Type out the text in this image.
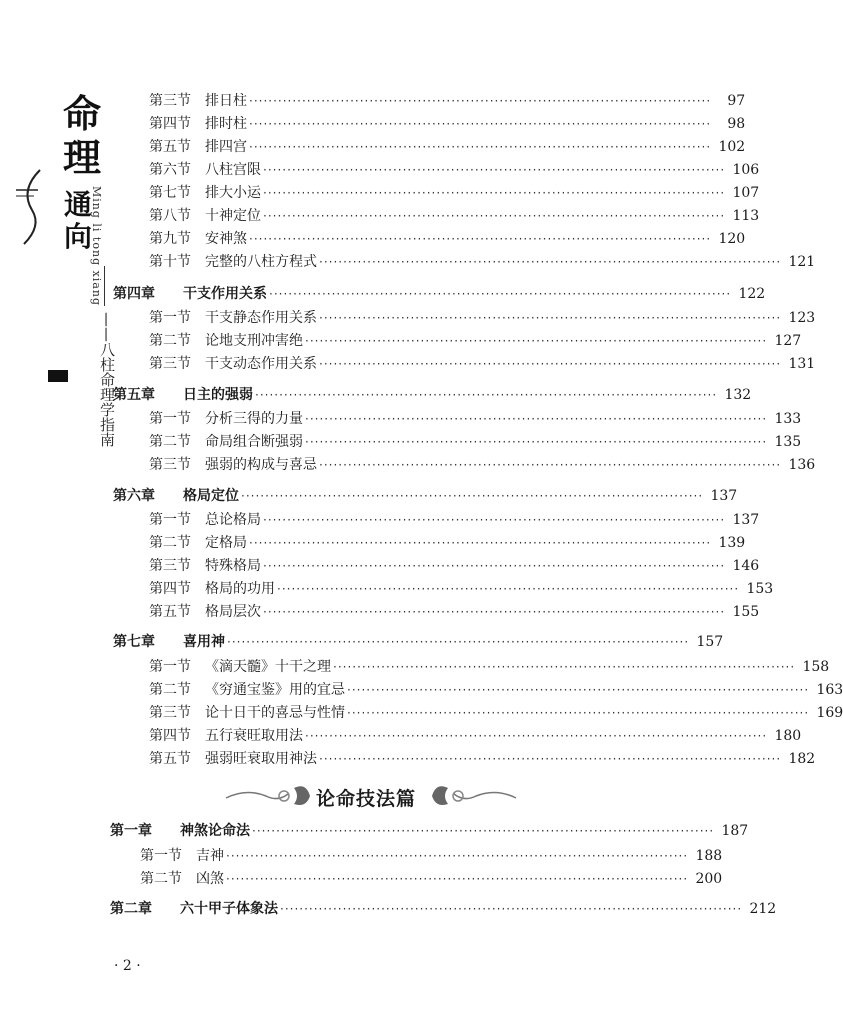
命
理
通
向
Ming li tong xiang
——八柱命理学指南
第三节 排日柱 ································································································	97
第四节 排时柱 ································································································	98
第五节 排四宫 ································································································ 102
第六节 八柱宫限 ································································································ 106
第七节 排大小运 ································································································ 107
第八节 十神定位 ································································································ 113
第九节 安神煞 ································································································ 120
第十节 完整的八柱方程式 ································································································ 121
第四章 干支作用关系 ································································································ 122
第一节 干支静态作用关系 ································································································ 123
第二节 论地支刑冲害绝 ································································································ 127
第三节 干支动态作用关系 ································································································ 131
第五章 日主的强弱 ································································································ 132
第一节 分析三得的力量 ································································································ 133
第二节 命局组合断强弱 ································································································ 135
第三节 强弱的构成与喜忌 ································································································ 136
第六章 格局定位 ································································································ 137
第一节 总论格局 ································································································ 137
第二节 定格局 ································································································ 139
第三节 特殊格局 ································································································ 146
第四节 格局的功用 ································································································ 153
第五节 格局层次 ································································································ 155
第七章 喜用神 ································································································ 157
第一节 《滴天髓》十干之理 ································································································ 158
第二节 《穷通宝鉴》用的宜忌 ································································································ 163
第三节 论十日干的喜忌与性情 ································································································ 169
第四节 五行衰旺取用法 ································································································ 180
第五节 强弱旺衰取用神法 ································································································ 182
论命技法篇
第一章 神煞论命法 ································································································ 187
第一节 吉神 ································································································ 188
第二节 凶煞 ································································································ 200
第二章 六十甲子体象法 ································································································ 212
· 2 ·
